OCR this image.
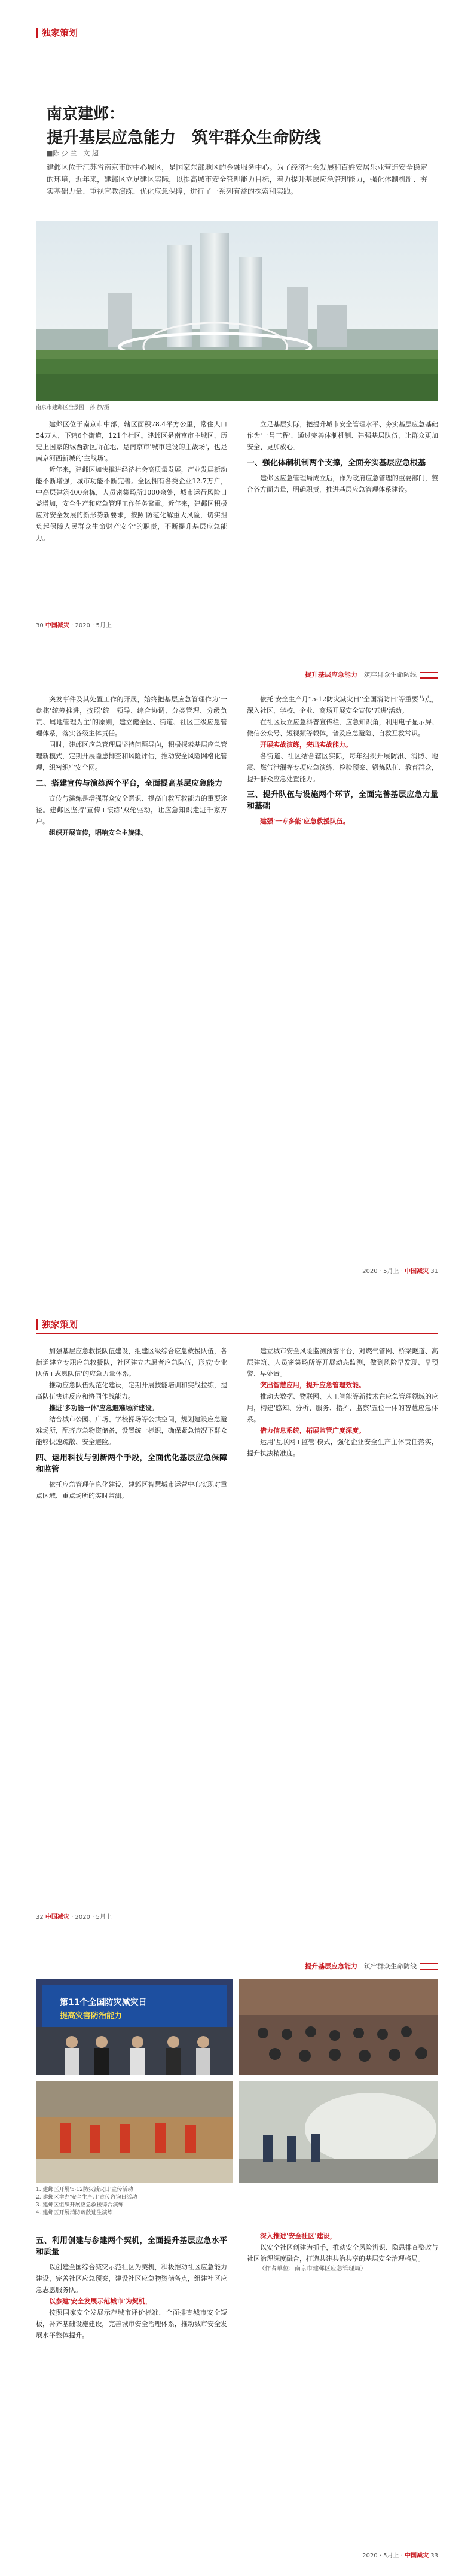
独家策划
南京建邺：
提升基层应急能力　筑牢群众生命防线
■陈 少 兰　文 超

建邺区位于江苏省南京市的中心城区，是国家东部地区的金融服务中心。为了经济社会发展和百姓安居乐业营造安全稳定的环境，近年来，建邺区立足建区实际，以提高城市安全管理能力目标，着力提升基层应急管理能力，强化体制机制、夯实基础力量、重视宣教演练、优化应急保障，进行了一系列有益的探索和实践。

南京市建邺区全景图　孙 静/摄

建邺区位于南京市中部，辖区面积78.4平方公里，常住人口54万人，下辖6个街道，121个社区。建邺区是南京市主城区，历史上国家的城西新区所在地、是南京市'城市建设的主战场'，也是南京河西新城的'主战场'。

近年来，建邺区加快推进经济社会高质量发展，产业发展新动能不断增强，城市功能不断完善。全区拥有各类企业12.7万户，中高层建筑400余栋，人员密集场所1000余处，城市运行风险日益增加，安全生产和应急管理工作任务繁重。近年来，建邺区积极应对安全发展的新形势新要求，按照'防范化解重大风险，切实担负起保障人民群众生命财产安全'的职责，不断提升基层应急能力。

立足基层实际，把提升城市安全管理水平、夯实基层应急基础作为'一号工程'，通过完善体制机制、建强基层队伍，让群众更加安全、更加放心。

一、强化体制机制两个支撑，全面夯实基层应急根基

建邺区应急管理局成立后，作为政府应急管理的重要部门，整合各方面力量，明确职责，推进基层应急管理体系建设。

30 中国减灾 · 2020 · 5月上
提升基层应急能力　 筑牢群众生命防线

突发事件及其处置工作的开展，始终把基层应急管理作为'一盘棋'统筹推进，按照'统一领导、综合协调、分类管理、分级负责、属地管理为主'的原则，建立健全区、街道、社区三级应急管理体系，落实各级主体责任。

同时，建邺区应急管理局坚持问题导向，积极探索基层应急管理新模式，定期开展隐患排查和风险评估，推动安全风险网格化管理，织密织牢安全网。

二、搭建宣传与演练两个平台，全面提高基层应急能力

宣传与演练是增强群众安全意识、提高自救互救能力的重要途径。建邺区坚持'宣传+演练'双轮驱动，让应急知识走进千家万户。

组织开展宣传，唱响安全主旋律。

依托'安全生产月''5·12防灾减灾日''全国消防日'等重要节点，深入社区、学校、企业、商场开展安全宣传'五进'活动。

在社区设立应急科普宣传栏、应急知识角，利用电子显示屏、微信公众号、短视频等载体，普及应急避险、自救互救常识。

开展实战演练，突出实战能力。

各街道、社区结合辖区实际，每年组织开展防汛、消防、地震、燃气泄漏等专项应急演练，检验预案、锻炼队伍、教育群众，提升群众应急处置能力。

三、提升队伍与设施两个环节，全面完善基层应急力量和基础

建强'一专多能'应急救援队伍。

2020 · 5月上 · 中国减灾 31
独家策划

加强基层应急救援队伍建设，组建区级综合应急救援队伍，各街道建立专职应急救援队，社区建立志愿者应急队伍，形成'专业队伍+志愿队伍'的应急力量体系。

推动应急队伍规范化建设，定期开展技能培训和实战拉练，提高队伍快速反应和协同作战能力。

推进'多功能一体'应急避难场所建设。

结合城市公园、广场、学校操场等公共空间，规划建设应急避难场所，配齐应急物资储备，设置统一标识，确保紧急情况下群众能够快速疏散、安全避险。

四、运用科技与创新两个手段，全面优化基层应急保障和监管

依托应急管理信息化建设，建邺区智慧城市运营中心实现对重点区域、重点场所的实时监测。

建立城市安全风险监测预警平台，对燃气管网、桥梁隧道、高层建筑、人员密集场所等开展动态监测，做到风险早发现、早预警、早处置。

突出智慧应用，提升应急管理效能。

推动大数据、物联网、人工智能等新技术在应急管理领域的应用，构建'感知、分析、服务、指挥、监察'五位一体的智慧应急体系。

借力信息系统，拓展监管广度深度。

运用'互联网+监管'模式，强化企业安全生产主体责任落实，提升执法精准度。

32 中国减灾 · 2020 · 5月上
提升基层应急能力　 筑牢群众生命防线
第11个全国防灾减灾日
提高灾害防治能力
1. 建邺区开展'5·12防灾减灾日'宣传活动
2. 建邺区举办'安全生产月'宣传咨询日活动
3. 建邺区组织开展应急救援综合演练
4. 建邺区开展消防疏散逃生演练
五、利用创建与参建两个契机，全面提升基层应急水平和质量

以创建全国综合减灾示范社区为契机，积极推动社区应急能力建设，完善社区应急预案，建设社区应急物资储备点，组建社区应急志愿服务队。

以参建'安全发展示范城市'为契机，

按照国家安全发展示范城市评价标准，全面排查城市安全短板，补齐基础设施建设，完善城市安全治理体系，推动城市安全发展水平整体提升。

深入推进'安全社区'建设，

以安全社区创建为抓手，推动安全风险辨识、隐患排查整改与社区治理深度融合，打造共建共治共享的基层安全治理格局。

（作者单位：南京市建邺区应急管理局）

2020 · 5月上 · 中国减灾 33
